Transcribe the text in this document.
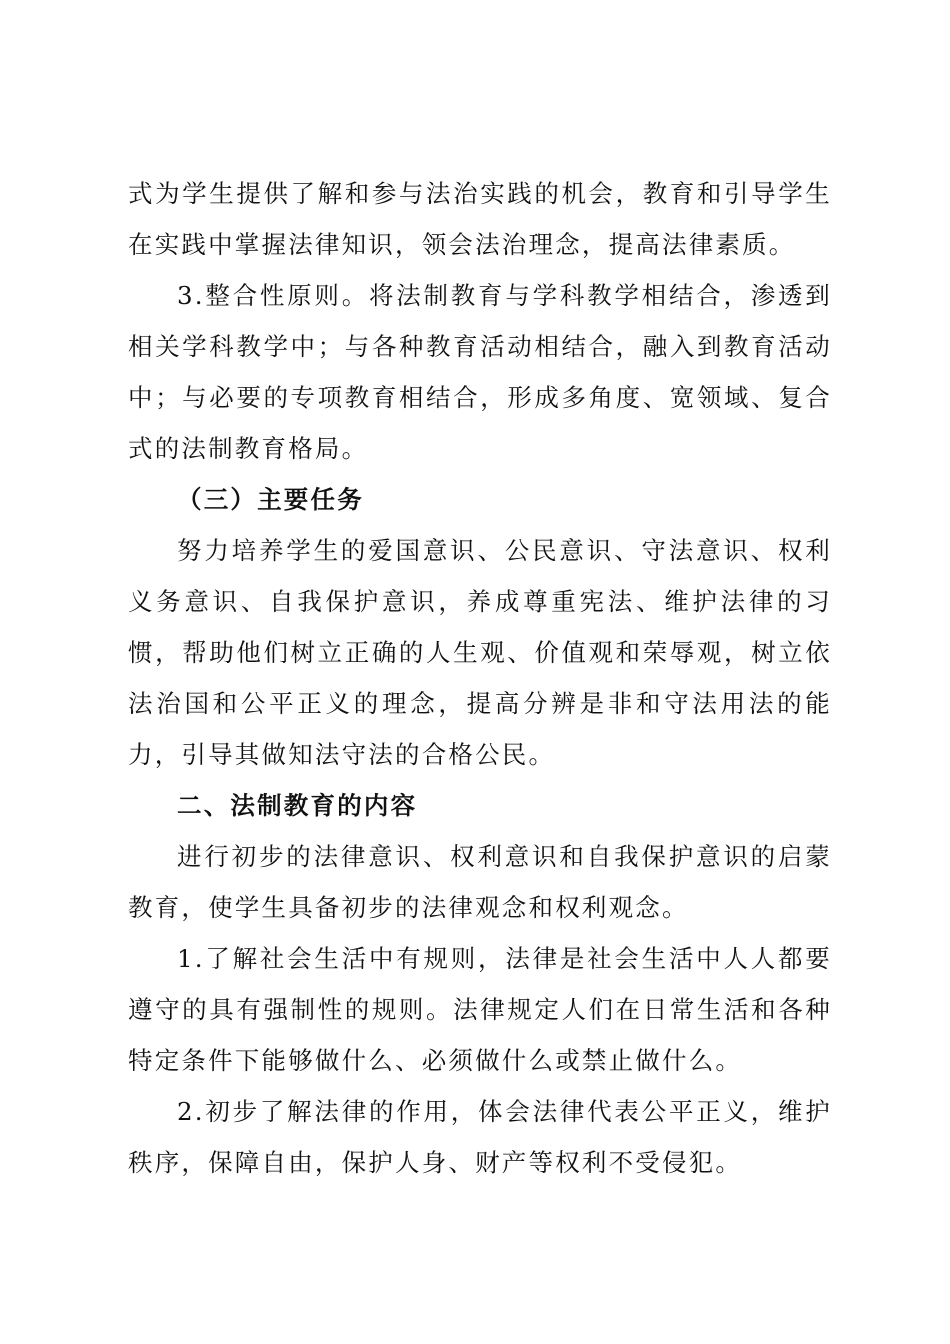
式为学生提供了解和参与法治实践的机会，教育和引导学生在实践中掌握法律知识，领会法治理念，提高法律素质。

3.整合性原则。将法制教育与学科教学相结合，渗透到相关学科教学中；与各种教育活动相结合，融入到教育活动中；与必要的专项教育相结合，形成多角度、宽领域、复合式的法制教育格局。

（三）主要任务

努力培养学生的爱国意识、公民意识、守法意识、权利义务意识、自我保护意识，养成尊重宪法、维护法律的习惯，帮助他们树立正确的人生观、价值观和荣辱观，树立依法治国和公平正义的理念，提高分辨是非和守法用法的能力，引导其做知法守法的合格公民。

二、法制教育的内容

进行初步的法律意识、权利意识和自我保护意识的启蒙教育，使学生具备初步的法律观念和权利观念。

1.了解社会生活中有规则，法律是社会生活中人人都要遵守的具有强制性的规则。法律规定人们在日常生活和各种特定条件下能够做什么、必须做什么或禁止做什么。

2.初步了解法律的作用，体会法律代表公平正义，维护秩序，保障自由，保护人身、财产等权利不受侵犯。
